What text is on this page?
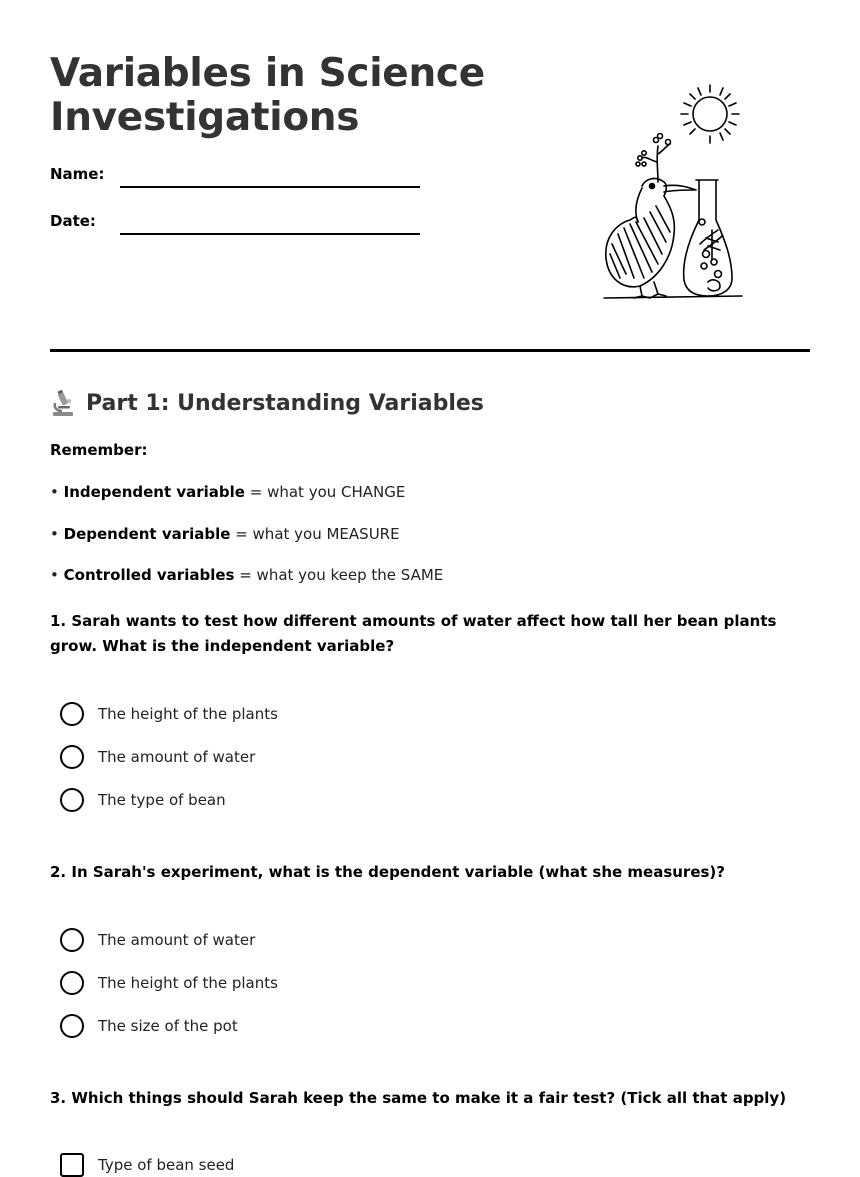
Variables in Science
Investigations
Name:
Date:
Part 1: Understanding Variables
Remember:
• Independent variable = what you CHANGE
• Dependent variable = what you MEASURE
• Controlled variables = what you keep the SAME
1. Sarah wants to test how different amounts of water affect how tall her bean plants grow. What is the independent variable?
The height of the plants
The amount of water
The type of bean
2. In Sarah's experiment, what is the dependent variable (what she measures)?
The amount of water
The height of the plants
The size of the pot
3. Which things should Sarah keep the same to make it a fair test? (Tick all that apply)
Type of bean seed
